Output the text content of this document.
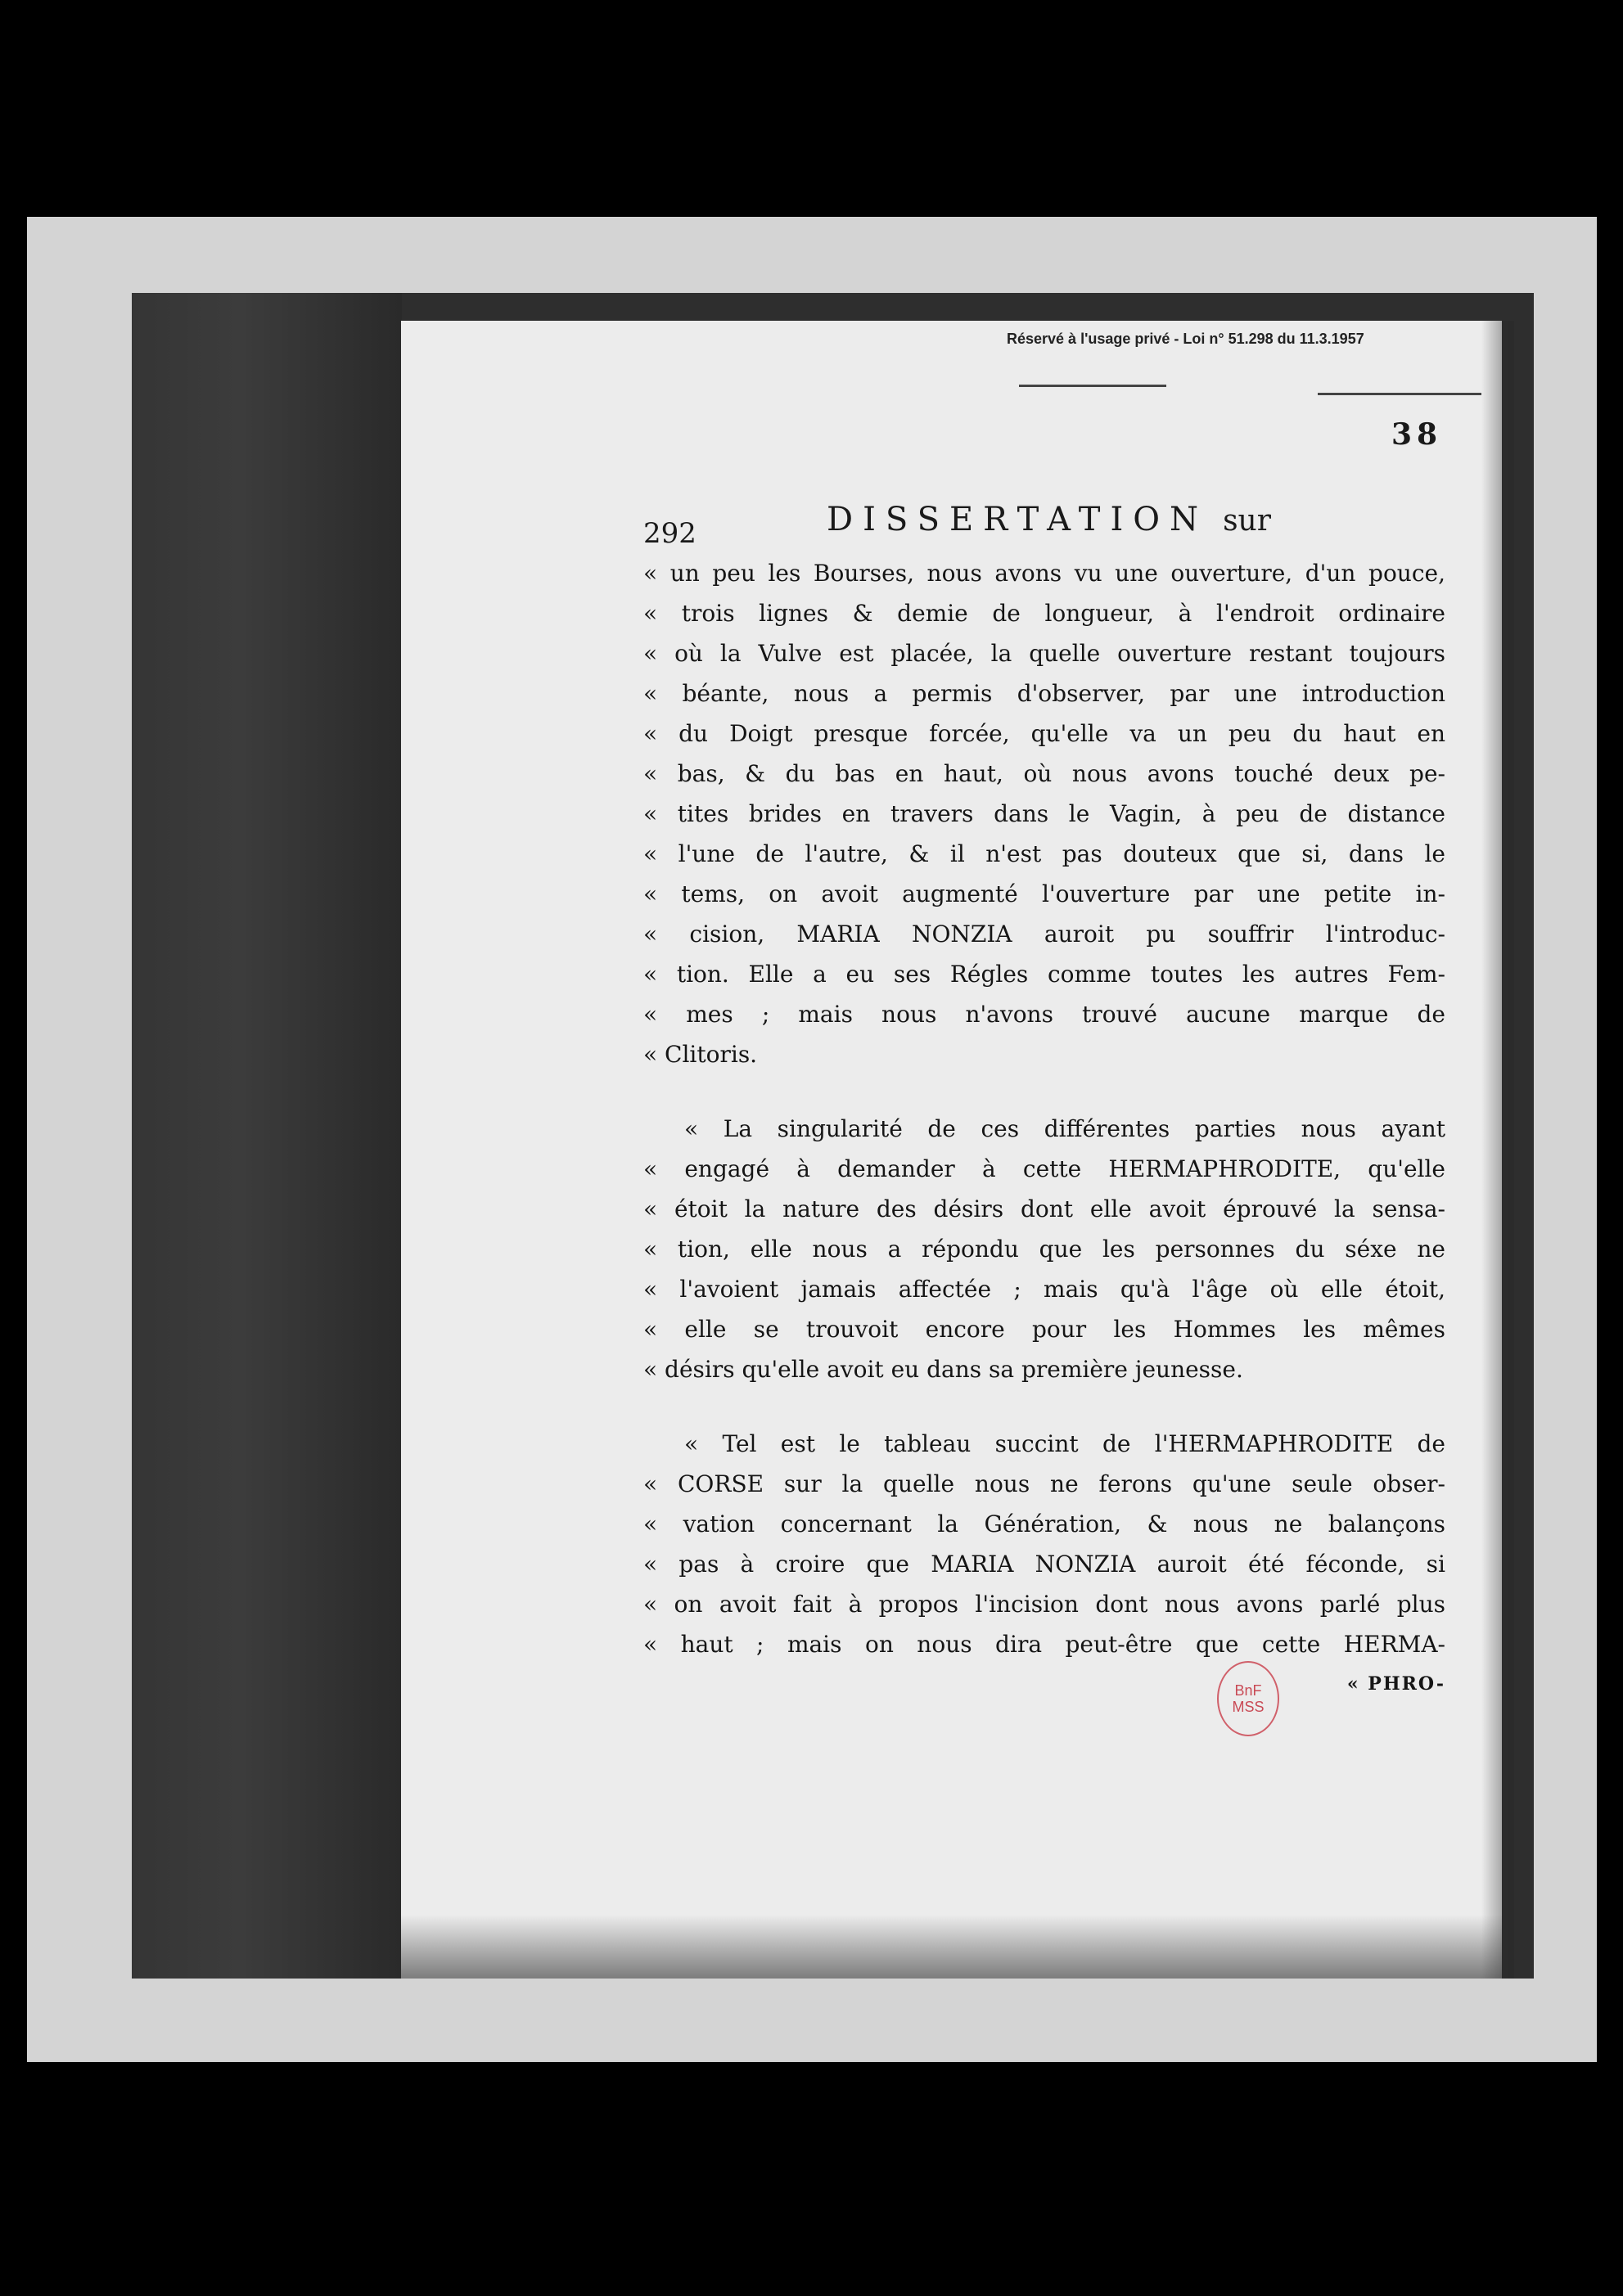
Réservé à l'usage privé - Loi n° 51.298 du 11.3.1957
38
292	DISSERTATION sur
« un peu les Bourses, nous avons vu une ouverture, d'un pouce,
« trois lignes & demie de longueur, à l'endroit ordinaire
« où la Vulve est placée, la quelle ouverture restant toujours
« béante, nous a permis d'observer, par une introduction
« du Doigt presque forcée, qu'elle va un peu du haut en
« bas, & du bas en haut, où nous avons touché deux pe-
« tites brides en travers dans le Vagin, à peu de distance
« l'une de l'autre, & il n'est pas douteux que si, dans le
« tems, on avoit augmenté l'ouverture par une petite in-
« cision, MARIA NONZIA auroit pu souffrir l'introduc-
« tion. Elle a eu ses Régles comme toutes les autres Fem-
« mes ; mais nous n'avons trouvé aucune marque de
« Clitoris.
« La singularité de ces différentes parties nous ayant
« engagé à demander à cette HERMAPHRODITE, qu'elle
« étoit la nature des désirs dont elle avoit éprouvé la sensa-
« tion, elle nous a répondu que les personnes du séxe ne
« l'avoient jamais affectée ; mais qu'à l'âge où elle étoit,
« elle se trouvoit encore pour les Hommes les mêmes
« désirs qu'elle avoit eu dans sa première jeunesse.
« Tel est le tableau succint de l'HERMAPHRODITE de
« CORSE sur la quelle nous ne ferons qu'une seule obser-
« vation concernant la Génération, & nous ne balançons
« pas à croire que MARIA NONZIA auroit été féconde, si
« on avoit fait à propos l'incision dont nous avons parlé plus
« haut ; mais on nous dira peut-être que cette HERMA-
« PHRO-
BnF
MSS
